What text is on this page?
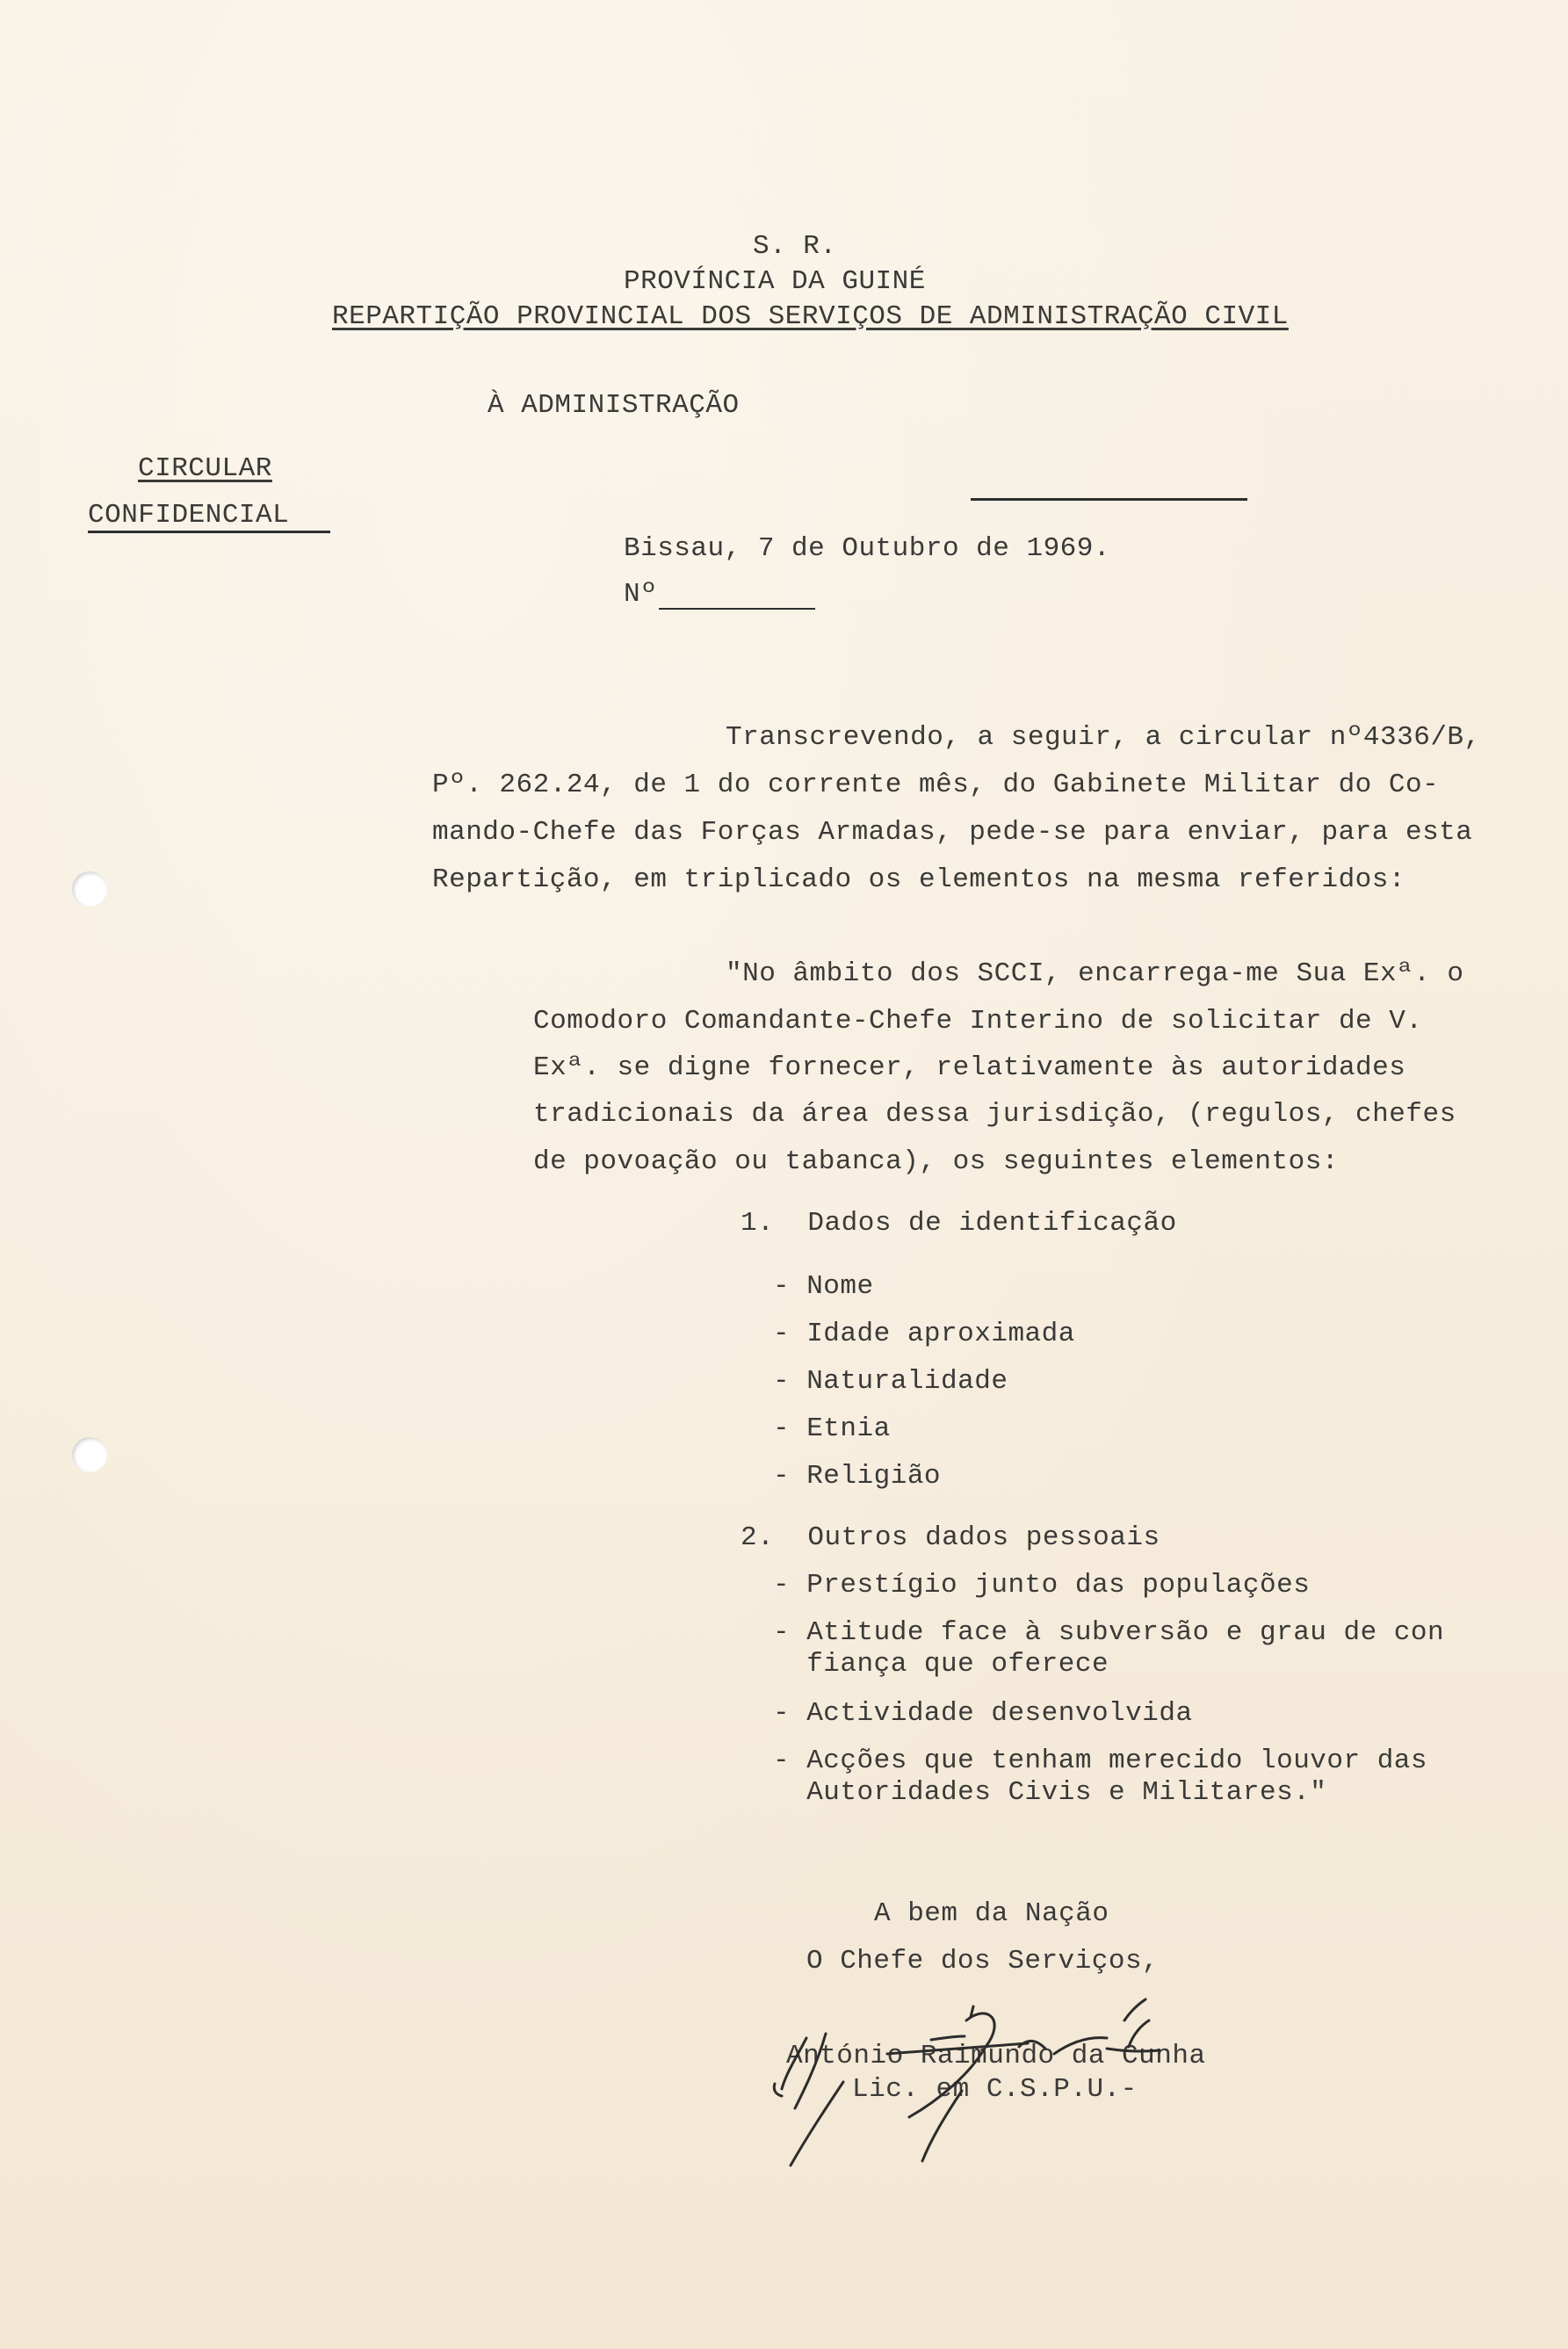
S. R.
PROVÍNCIA DA GUINÉ
REPARTIÇÃO PROVINCIAL DOS SERVIÇOS DE ADMINISTRAÇÃO CIVIL
À ADMINISTRAÇÃO
CIRCULAR
CONFIDENCIAL
Bissau, 7 de Outubro de 1969.
Nº
Transcrevendo, a seguir, a circular nº4336/B,
Pº. 262.24, de 1 do corrente mês, do Gabinete Militar do Co-
mando-Chefe das Forças Armadas, pede-se para enviar, para esta
Repartição, em triplicado os elementos na mesma referidos:
"No âmbito dos SCCI, encarrega-me Sua Exª. o
Comodoro Comandante-Chefe Interino de solicitar de V.
Exª. se digne fornecer, relativamente às autoridades
tradicionais da área dessa jurisdição, (regulos, chefes
de povoação ou tabanca), os seguintes elementos:
1.  Dados de identificação
- Nome
- Idade aproximada
- Naturalidade
- Etnia
- Religião
2.  Outros dados pessoais
- Prestígio junto das populações
- Atitude face à subversão e grau de con
fiança que oferece
- Actividade desenvolvida
- Acções que tenham merecido louvor das
Autoridades Civis e Militares."
A bem da Nação
O Chefe dos Serviços,
António Raimundo da Cunha
Lic. em C.S.P.U.-
